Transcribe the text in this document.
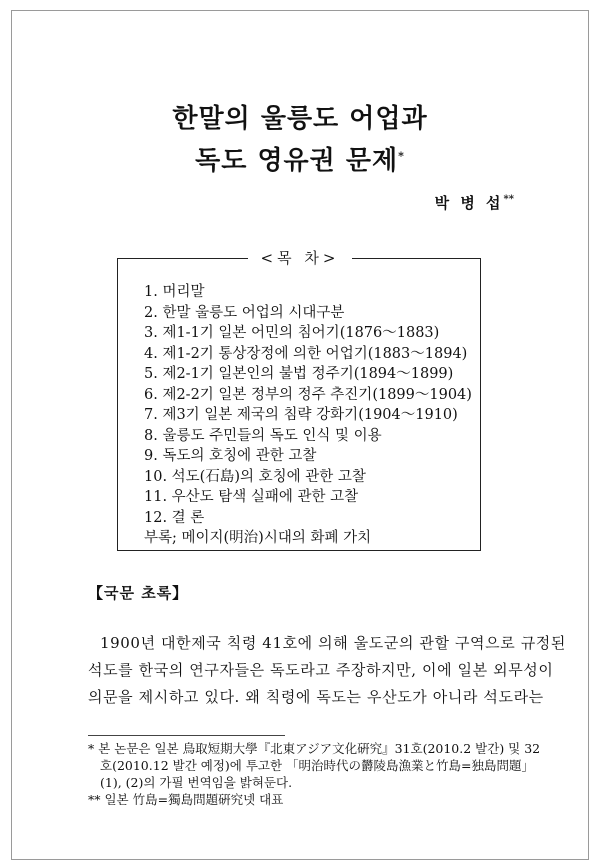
한말의 울릉도 어업과
독도 영유권 문제*
박 병 섭**
<목 차>
1. 머리말
2. 한말 울릉도 어업의 시대구분
3. 제1-1기 일본 어민의 침어기(1876～1883)
4. 제1-2기 통상장정에 의한 어업기(1883～1894)
5. 제2-1기 일본인의 불법 정주기(1894～1899)
6. 제2-2기 일본 정부의 정주 추진기(1899～1904)
7. 제3기 일본 제국의 침략 강화기(1904～1910)
8. 울릉도 주민들의 독도 인식 및 이용
9. 독도의 호칭에 관한 고찰
10. 석도(石島)의 호칭에 관한 고찰
11. 우산도 탐색 실패에 관한 고찰
12. 결 론
부록; 메이지(明治)시대의 화폐 가치
【국문 초록】
1900년 대한제국 칙령 41호에 의해 울도군의 관할 구역으로 규정된
석도를 한국의 연구자들은 독도라고 주장하지만, 이에 일본 외무성이
의문을 제시하고 있다. 왜 칙령에 독도는 우산도가 아니라 석도라는
* 본 논문은 일본 鳥取短期大學『北東アジア文化硏究』31호(2010.2 발간) 및 32
호(2010.12 발간 예정)에 투고한 「明治時代の欝陵島漁業と竹島=独島問題」
(1), (2)의 가필 번역임을 밝혀둔다.
** 일본 竹島=獨島問題硏究넷 대표
